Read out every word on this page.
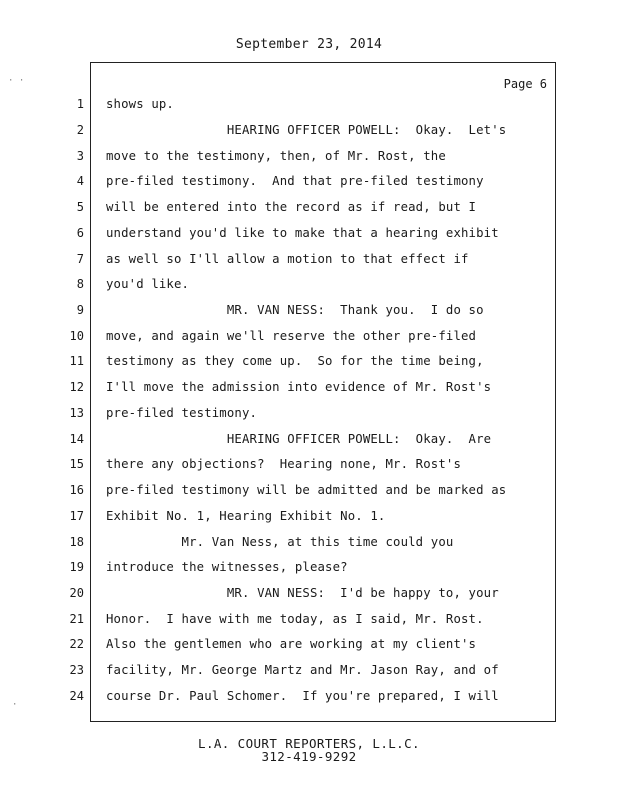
September 23, 2014
· ·
·
Page 6
1
2
3
4
5
6
7
8
9
10
11
12
13
14
15
16
17
18
19
20
21
22
23
24
shows up.
HEARING OFFICER POWELL:  Okay.  Let's
move to the testimony, then, of Mr. Rost, the
pre-filed testimony.  And that pre-filed testimony
will be entered into the record as if read, but I
understand you'd like to make that a hearing exhibit
as well so I'll allow a motion to that effect if
you'd like.
MR. VAN NESS:  Thank you.  I do so
move, and again we'll reserve the other pre-filed
testimony as they come up.  So for the time being,
I'll move the admission into evidence of Mr. Rost's
pre-filed testimony.
HEARING OFFICER POWELL:  Okay.  Are
there any objections?  Hearing none, Mr. Rost's
pre-filed testimony will be admitted and be marked as
Exhibit No. 1, Hearing Exhibit No. 1.
Mr. Van Ness, at this time could you
introduce the witnesses, please?
MR. VAN NESS:  I'd be happy to, your
Honor.  I have with me today, as I said, Mr. Rost.
Also the gentlemen who are working at my client's
facility, Mr. George Martz and Mr. Jason Ray, and of
course Dr. Paul Schomer.  If you're prepared, I will
L.A. COURT REPORTERS, L.L.C.
312-419-9292
